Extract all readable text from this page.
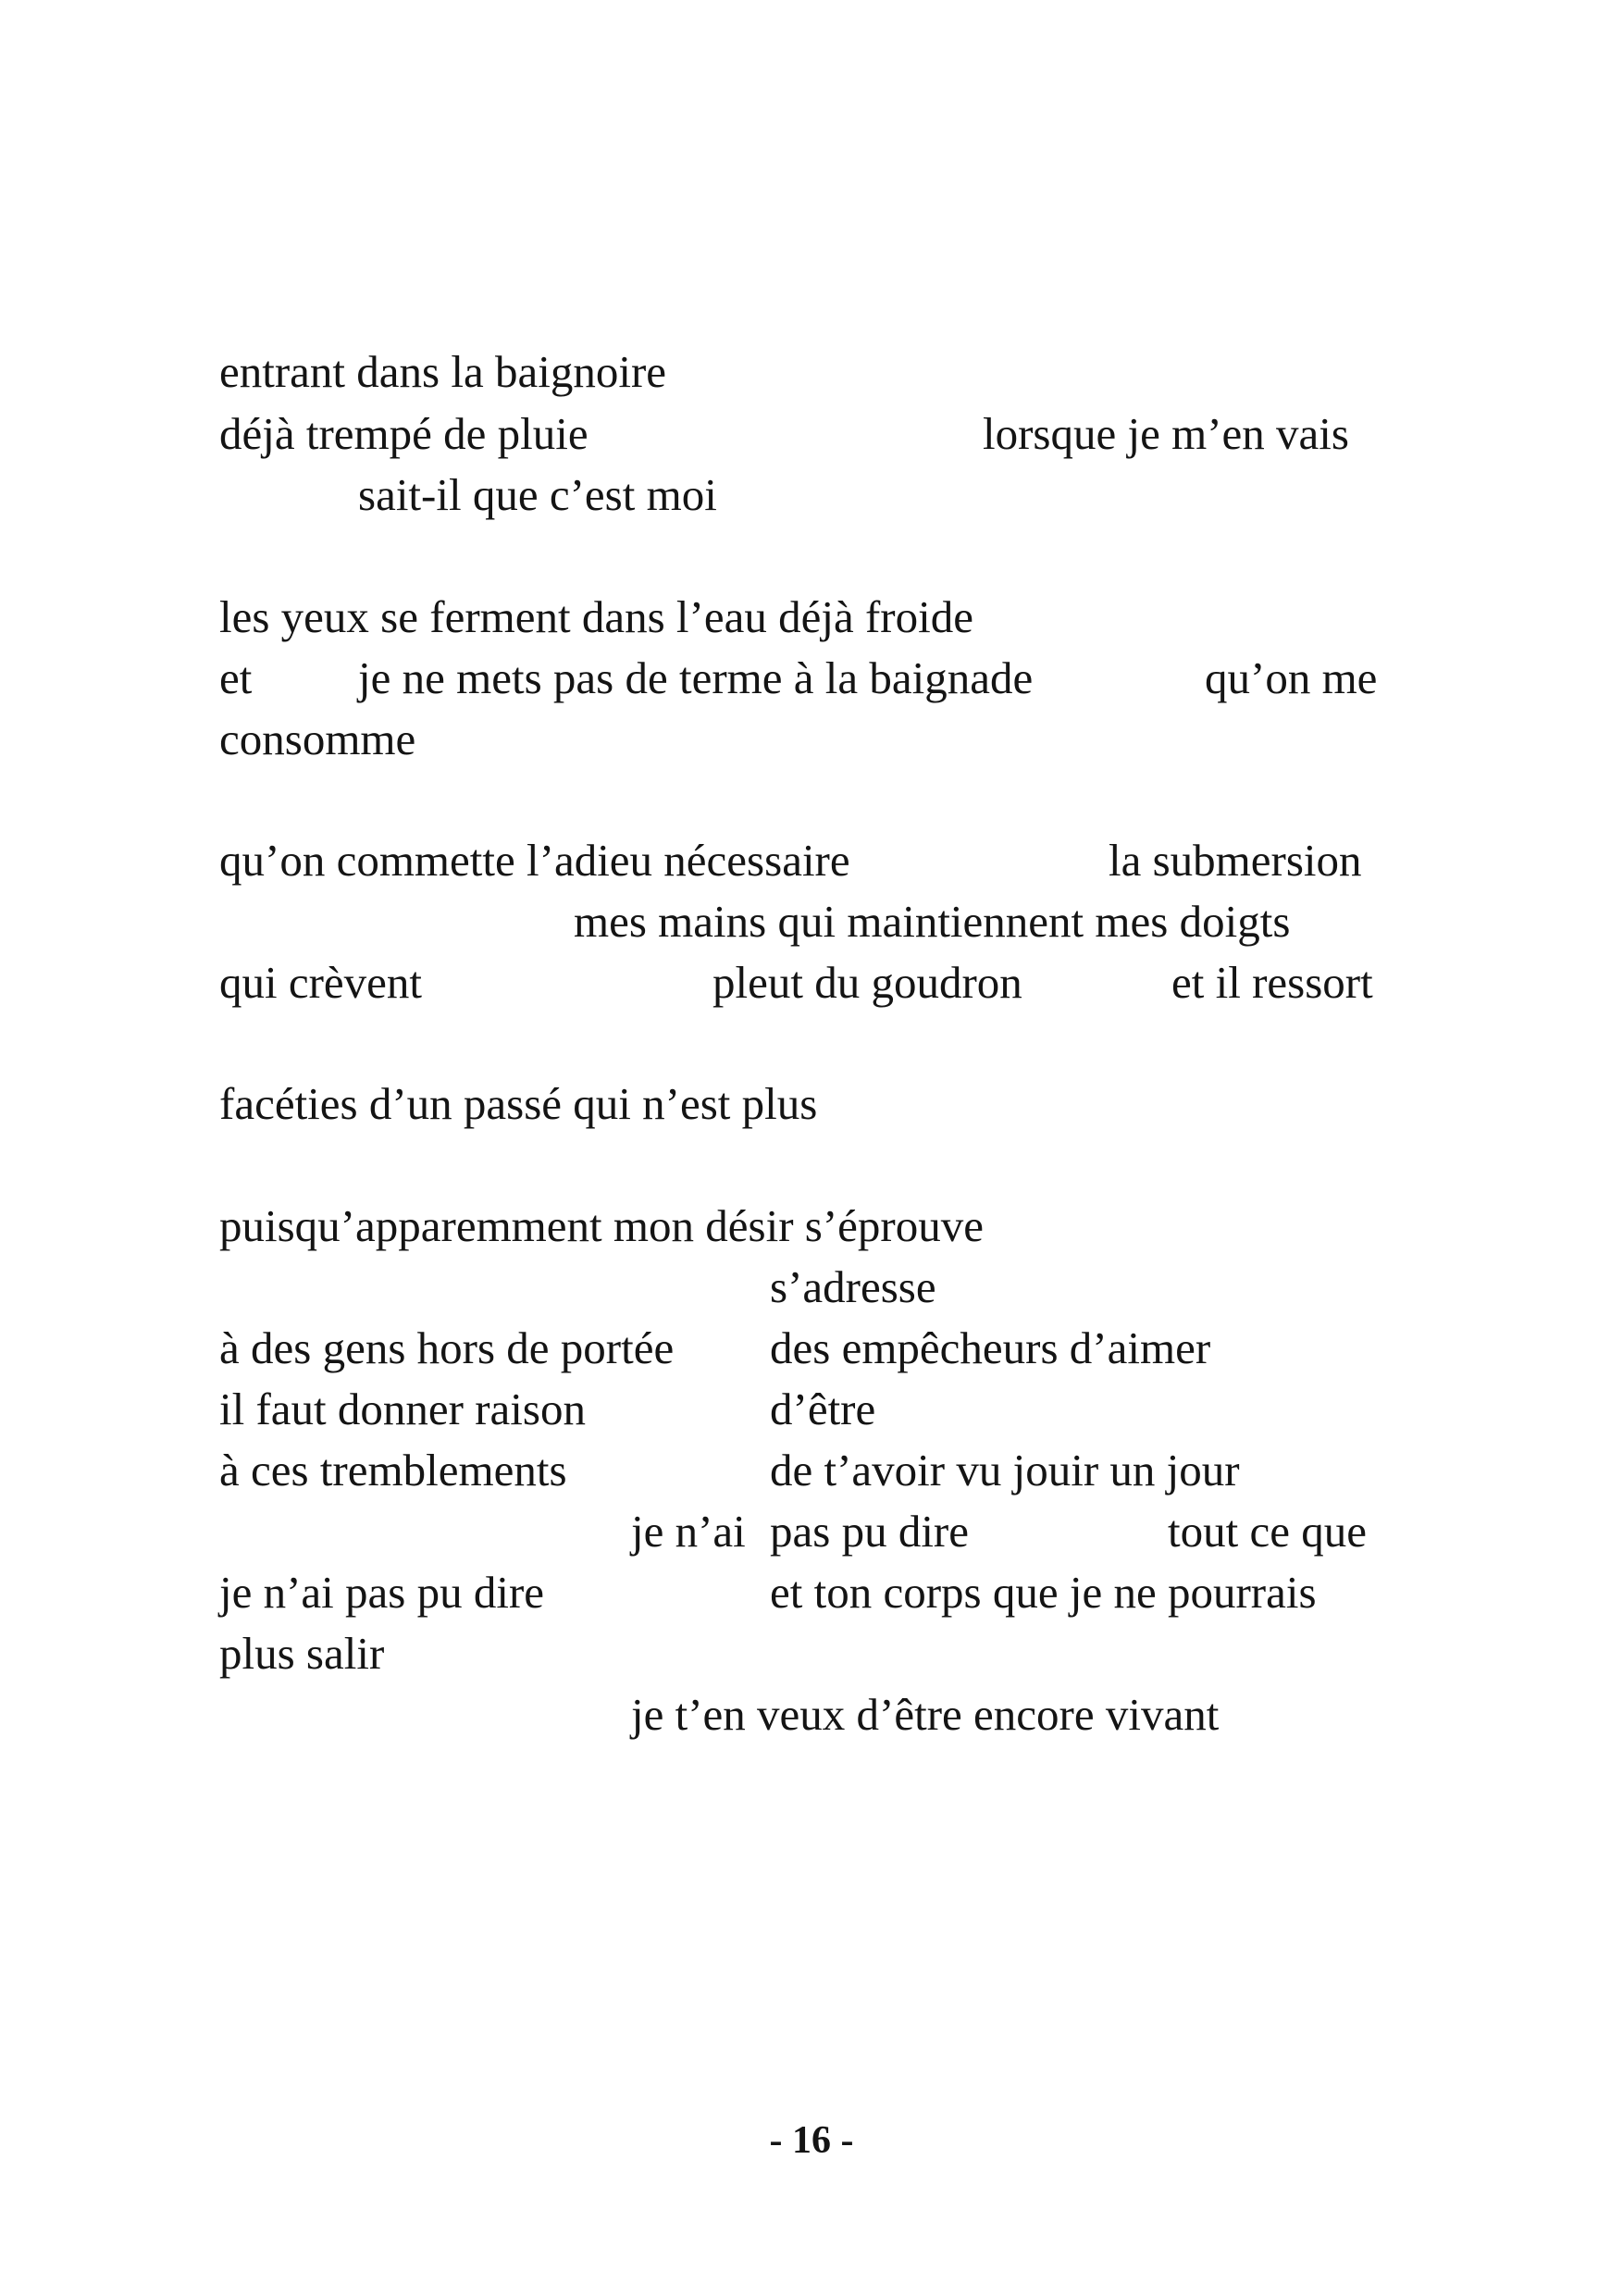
entrant dans la baignoire
déjà trempé de pluie	lorsque je m’en vais
sait-il que c’est moi
les yeux se ferment dans l’eau déjà froide
et je ne mets pas de terme à la baignade	qu’on me
consomme
qu’on commette l’adieu nécessaire	la submersion
mes mains qui maintiennent mes doigts
qui crèvent	pleut du goudron	et il ressort
facéties d’un passé qui n’est plus
puisqu’apparemment mon désir s’éprouve
s’adresse
à des gens hors de portée des empêcheurs d’aimer
il faut donner raison	d’être
à ces tremblements	de t’avoir vu jouir un jour
je n’ai pas pu dire	tout ce que
je n’ai pas pu dire	et ton corps que je ne pourrais
plus salir
je t’en veux d’être encore vivant
- 16 -
